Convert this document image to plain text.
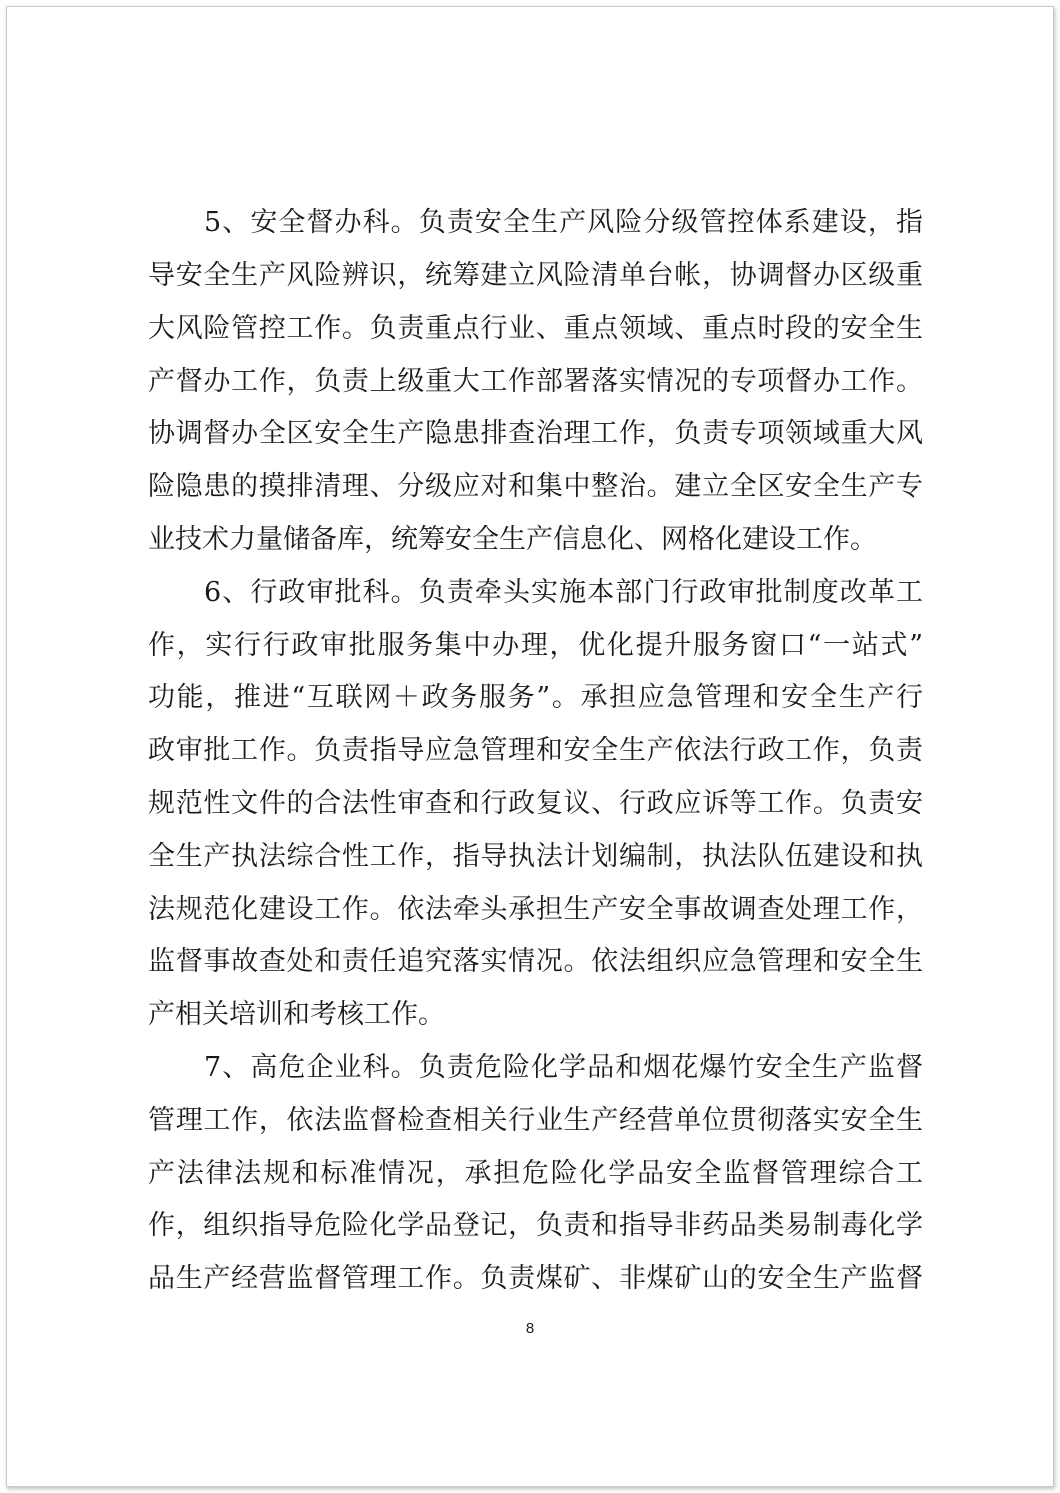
5、安全督办科。负责安全生产风险分级管控体系建设，指
导安全生产风险辨识，统筹建立风险清单台帐，协调督办区级重
大风险管控工作。负责重点行业、重点领域、重点时段的安全生
产督办工作，负责上级重大工作部署落实情况的专项督办工作。
协调督办全区安全生产隐患排查治理工作，负责专项领域重大风
险隐患的摸排清理、分级应对和集中整治。建立全区安全生产专
业技术力量储备库，统筹安全生产信息化、网格化建设工作。
6、行政审批科。负责牵头实施本部门行政审批制度改革工
作，实行行政审批服务集中办理，优化提升服务窗口“一站式”
功能，推进“互联网＋政务服务”。承担应急管理和安全生产行
政审批工作。负责指导应急管理和安全生产依法行政工作，负责
规范性文件的合法性审查和行政复议、行政应诉等工作。负责安
全生产执法综合性工作，指导执法计划编制，执法队伍建设和执
法规范化建设工作。依法牵头承担生产安全事故调查处理工作，
监督事故查处和责任追究落实情况。依法组织应急管理和安全生
产相关培训和考核工作。
7、高危企业科。负责危险化学品和烟花爆竹安全生产监督
管理工作，依法监督检查相关行业生产经营单位贯彻落实安全生
产法律法规和标准情况，承担危险化学品安全监督管理综合工
作，组织指导危险化学品登记，负责和指导非药品类易制毒化学
品生产经营监督管理工作。负责煤矿、非煤矿山的安全生产监督
8
